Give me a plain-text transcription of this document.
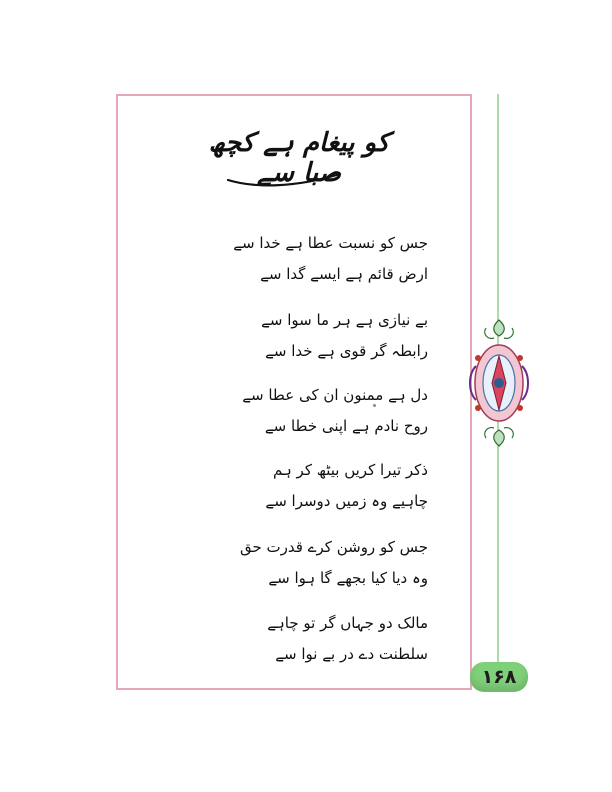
کو پیغام ہے کچھ صبا سے
جس کو نسبت عطا ہے خدا سے
ارض قائم ہے ایسے گدا سے
بے نیازی ہے ہر ما سوا سے
رابطہ گر قوی ہے خدا سے
دل ہے ممنون ان کی عطا سے
روح نادم ہے اپنی خطا سے
ذکر تیرا کریں بیٹھ کر ہم
چاہیے وہ زمیں دوسرا سے
جس کو روشن کرے قدرت حق
وہ دیا کیا بجھے گا ہوا سے
مالک دو جہاں گر تو چاہے
سلطنت دے در بے نوا سے
۱۶۸
